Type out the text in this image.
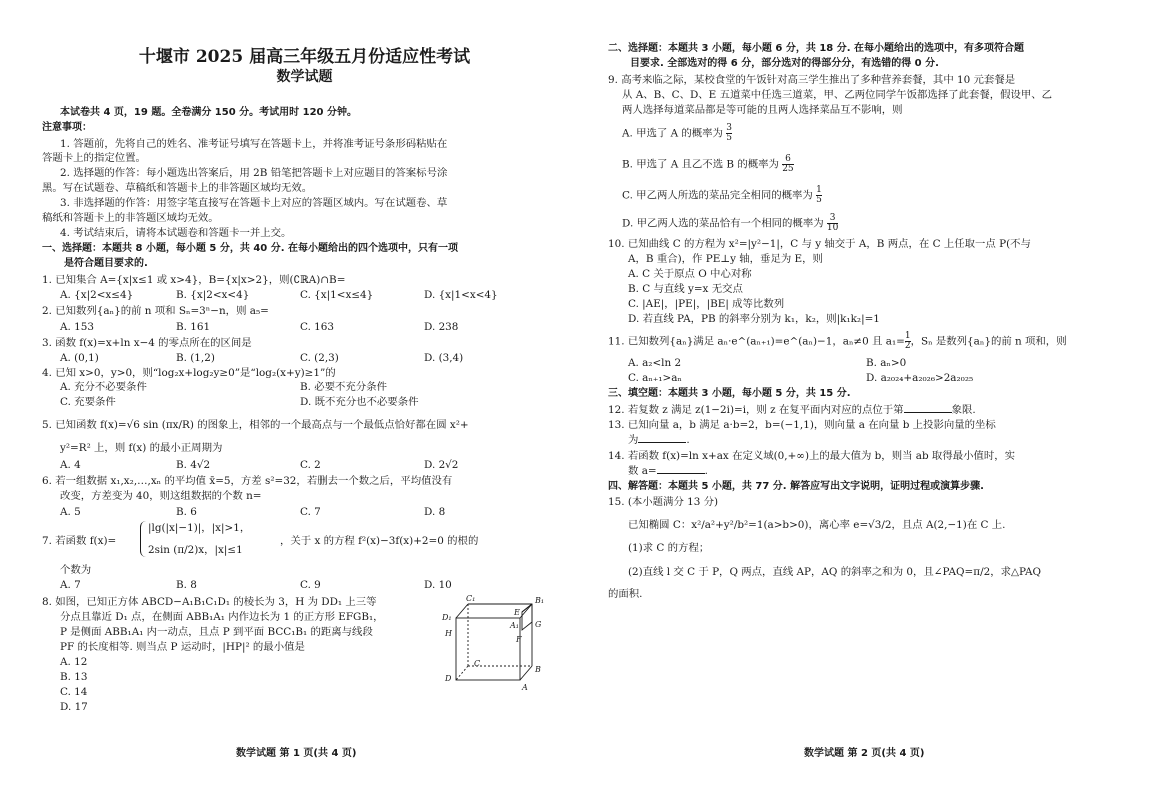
十堰市 2025 届高三年级五月份适应性考试
数学试题
本试卷共 4 页，19 题。全卷满分 150 分。考试用时 120 分钟。
注意事项：
1. 答题前，先将自己的姓名、准考证号填写在答题卡上，并将准考证号条形码粘贴在
答题卡上的指定位置。
2. 选择题的作答：每小题选出答案后，用 2B 铅笔把答题卡上对应题目的答案标号涂
黑。写在试题卷、草稿纸和答题卡上的非答题区域均无效。
3. 非选择题的作答：用签字笔直接写在答题卡上对应的答题区域内。写在试题卷、草
稿纸和答题卡上的非答题区域均无效。
4. 考试结束后，请将本试题卷和答题卡一并上交。
一、选择题：本题共 8 小题，每小题 5 分，共 40 分. 在每小题给出的四个选项中，只有一项
是符合题目要求的.
1. 已知集合 A={x|x≤1 或 x>4}，B={x|x>2}，则(∁ℝA)∩B=
A. {x|2<x≤4}	B. {x|2<x<4}	C. {x|1<x≤4}	D. {x|1<x<4}
2. 已知数列{aₙ}的前 n 项和 Sₙ=3ⁿ−n，则 a₅=
A. 153	B. 161	C. 163	D. 238
3. 函数 f(x)=x+ln x−4 的零点所在的区间是
A. (0,1)	B. (1,2)	C. (2,3)	D. (3,4)
4. 已知 x>0，y>0，则“log₂x+log₂y≥0”是“log₂(x+y)≥1”的
A. 充分不必要条件	B. 必要不充分条件
C. 充要条件	D. 既不充分也不必要条件
5. 已知函数 f(x)=√6 sin (πx/R) 的图象上，相邻的一个最高点与一个最低点恰好都在圆 x²+
y²=R² 上，则 f(x) 的最小正周期为
A. 4	B. 4√2	C. 2	D. 2√2
6. 若一组数据 x₁,x₂,…,xₙ 的平均值 x̄=5，方差 s²=32，若删去一个数之后，平均值没有
改变，方差变为 40，则这组数据的个数 n=
A. 5	B. 6	C. 7	D. 8
7. 若函数 f(x)=
|lg(|x|−1)|，|x|>1，
2sin (π/2)x，|x|≤1
，关于 x 的方程 f²(x)−3f(x)+2=0 的根的
个数为
A. 7	B. 8	C. 9	D. 10
8. 如图，已知正方体 ABCD−A₁B₁C₁D₁ 的棱长为 3，H 为 DD₁ 上三等
分点且靠近 D₁ 点，在侧面 ABB₁A₁ 内作边长为 1 的正方形 EFGB₁，
P 是侧面 ABB₁A₁ 内一动点，且点 P 到平面 BCC₁B₁ 的距离与线段
PF 的长度相等. 则当点 P 运动时，|HP|² 的最小值是
A. 12
B. 13
C. 14
D. 17
C₁	B₁
D₁
A₁
E
G
H
F
C
B
D
A
数学试题 第 1 页(共 4 页)
二、选择题：本题共 3 小题，每小题 6 分，共 18 分. 在每小题给出的选项中，有多项符合题
目要求. 全部选对的得 6 分，部分选对的得部分分，有选错的得 0 分.
9. 高考来临之际，某校食堂的午饭针对高三学生推出了多种营养套餐，其中 10 元套餐是
从 A、B、C、D、E 五道菜中任选三道菜，甲、乙两位同学午饭都选择了此套餐，假设甲、乙
两人选择每道菜品都是等可能的且两人选择菜品互不影响，则
A. 甲选了 A 的概率为 $\frac{3}{5}$
B. 甲选了 A 且乙不选 B 的概率为 $\frac{6}{25}$
C. 甲乙两人所选的菜品完全相同的概率为 $\frac{1}{5}$
D. 甲乙两人选的菜品恰有一个相同的概率为 $\frac{3}{10}$
10. 已知曲线 C 的方程为 x²=|y²−1|，C 与 y 轴交于 A，B 两点，在 C 上任取一点 P(不与
A，B 重合)，作 PE⊥y 轴，垂足为 E，则
A. C 关于原点 O 中心对称
B. C 与直线 y=x 无交点
C. |AE|，|PE|，|BE| 成等比数列
D. 若直线 PA，PB 的斜率分别为 k₁，k₂，则|k₁k₂|=1
11. 已知数列{aₙ}满足 aₙ·e^(aₙ₊₁)=e^(aₙ)−1，aₙ≠0 且 $a_1= \frac{1}{2}$ ，Sₙ 是数列{aₙ}的前 n 项和，则
A. a₂<ln 2	B. aₙ>0
C. aₙ₊₁>aₙ	D. a₂₀₂₄+a₂₀₂₆>2a₂₀₂₅
三、填空题：本题共 3 小题，每小题 5 分，共 15 分.
12. 若复数 z 满足 z(1−2i)=i，则 z 在复平面内对应的点位于第	象限.
13. 已知向量 a，b 满足 a·b=2，b=(−1,1)，则向量 a 在向量 b 上投影向量的坐标
为	.
14. 若函数 f(x)=ln x+ax 在定义域(0,+∞)上的最大值为 b，则当 ab 取得最小值时，实
数 a=	.
四、解答题：本题共 5 小题，共 77 分. 解答应写出文字说明，证明过程或演算步骤.
15. (本小题满分 13 分)
已知椭圆 C：x²/a²+y²/b²=1(a>b>0)，离心率 e=√3/2，且点 A(2,−1)在 C 上.
(1)求 C 的方程；
(2)直线 l 交 C 于 P，Q 两点，直线 AP，AQ 的斜率之和为 0，且∠PAQ=π/2，求△PAQ
的面积.
数学试题 第 2 页(共 4 页)
